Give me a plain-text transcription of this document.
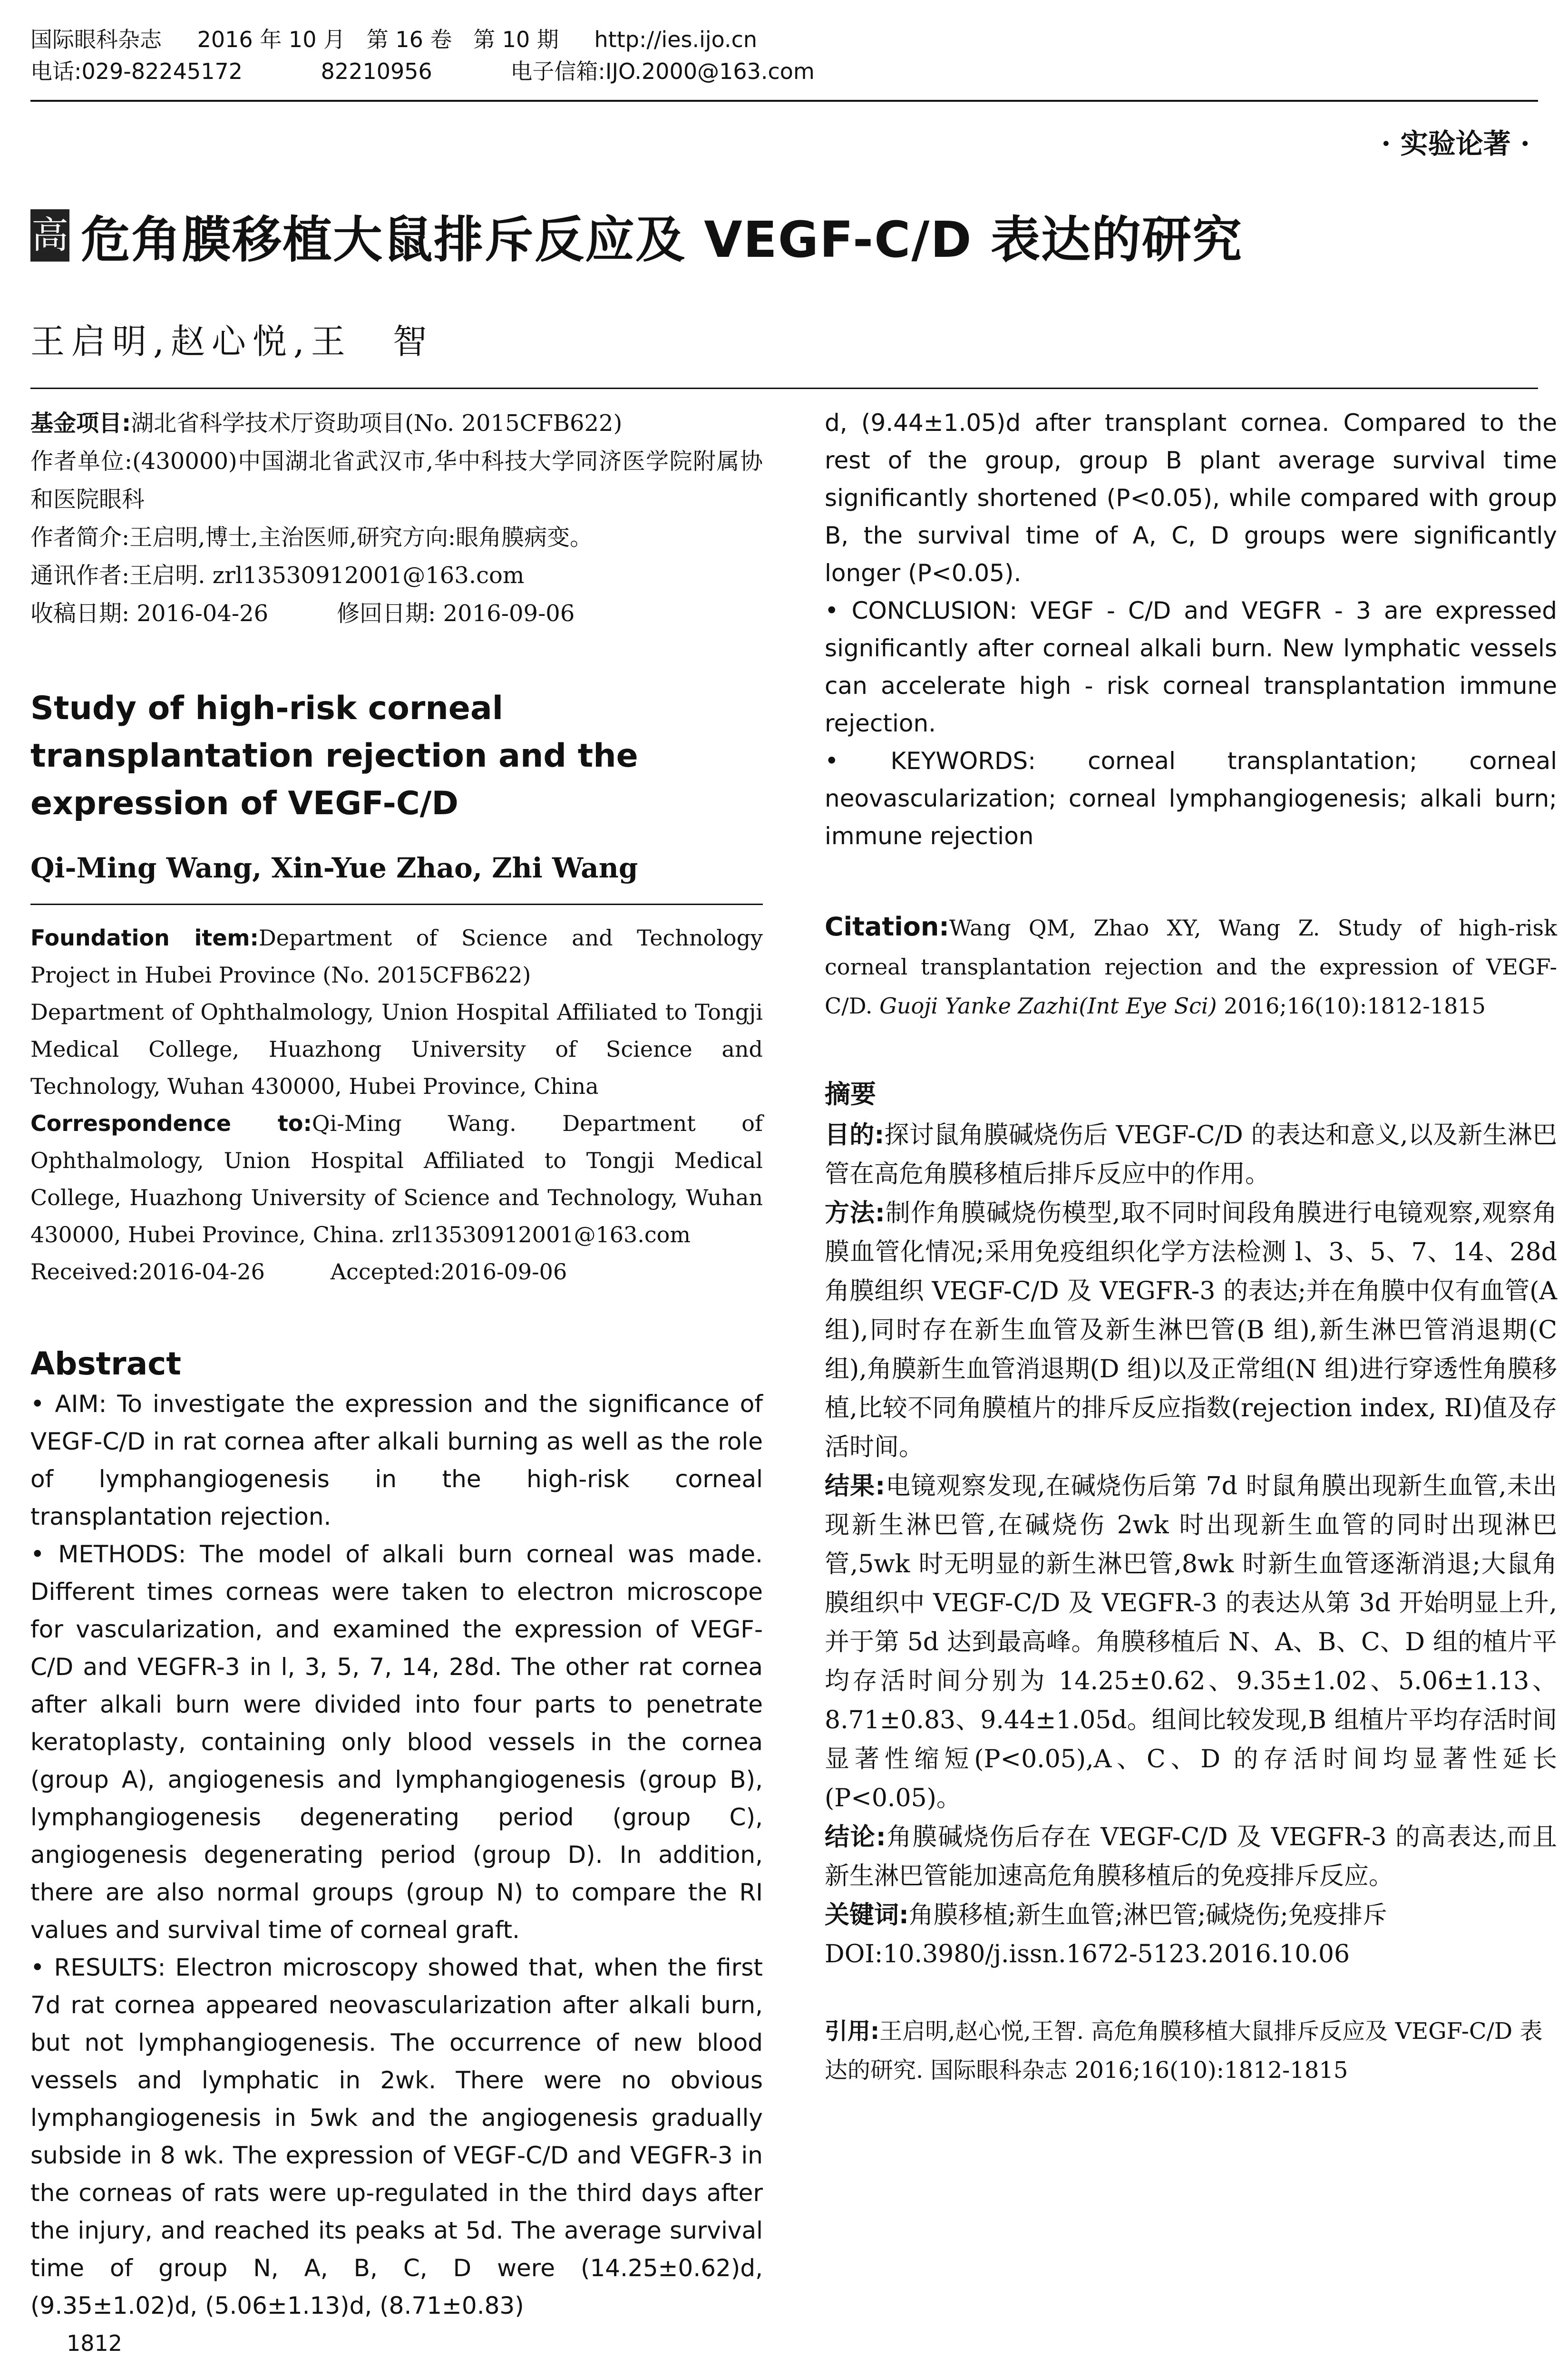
国际眼科杂志 2016 年 10 月 第 16 卷 第 10 期 http://ies.ijo.cn
电话:029-82245172	82210956	电子信箱:IJO.2000@163.com
· 实验论著 ·
高 危角膜移植大鼠排斥反应及 VEGF-C/D 表达的研究
王启明,赵心悦,王　智

基金项目:湖北省科学技术厅资助项目(No. 2015CFB622)

作者单位:(430000)中国湖北省武汉市,华中科技大学同济医学院附属协和医院眼科

作者简介:王启明,博士,主治医师,研究方向:眼角膜病变。

通讯作者:王启明. zrl13530912001@163.com

收稿日期: 2016-04-26　　　修回日期: 2016-09-06

Study of high-risk corneal transplantation rejection and the expression of VEGF-C/D
Qi-Ming Wang, Xin-Yue Zhao, Zhi Wang

Foundation item:Department of Science and Technology Project in Hubei Province (No. 2015CFB622)

Department of Ophthalmology, Union Hospital Affiliated to Tongji Medical College, Huazhong University of Science and Technology, Wuhan 430000, Hubei Province, China

Correspondence to:Qi-Ming Wang. Department of Ophthalmology, Union Hospital Affiliated to Tongji Medical College, Huazhong University of Science and Technology, Wuhan 430000, Hubei Province, China. zrl13530912001@163.com

Received:2016-04-26　　　Accepted:2016-09-06

Abstract

• AIM: To investigate the expression and the significance of VEGF-C/D in rat cornea after alkali burning as well as the role of lymphangiogenesis in the high-risk corneal transplantation rejection.

• METHODS: The model of alkali burn corneal was made. Different times corneas were taken to electron microscope for vascularization, and examined the expression of VEGF-C/D and VEGFR-3 in l, 3, 5, 7, 14, 28d. The other rat cornea after alkali burn were divided into four parts to penetrate keratoplasty, containing only blood vessels in the cornea (group A), angiogenesis and lymphangiogenesis (group B), lymphangiogenesis degenerating period (group C), angiogenesis degenerating period (group D). In addition, there are also normal groups (group N) to compare the RI values and survival time of corneal graft.

• RESULTS: Electron microscopy showed that, when the first 7d rat cornea appeared neovascularization after alkali burn, but not lymphangiogenesis. The occurrence of new blood vessels and lymphatic in 2wk. There were no obvious lymphangiogenesis in 5wk and the angiogenesis gradually subside in 8 wk. The expression of VEGF-C/D and VEGFR-3 in the corneas of rats were up-regulated in the third days after the injury, and reached its peaks at 5d. The average survival time of group N, A, B, C, D were (14.25±0.62)d, (9.35±1.02)d, (5.06±1.13)d, (8.71±0.83)

d, (9.44±1.05)d after transplant cornea. Compared to the rest of the group, group B plant average survival time significantly shortened (P<0.05), while compared with group B, the survival time of A, C, D groups were significantly longer (P<0.05).

• CONCLUSION: VEGF - C/D and VEGFR - 3 are expressed significantly after corneal alkali burn. New lymphatic vessels can accelerate high - risk corneal transplantation immune rejection.

• KEYWORDS: corneal transplantation; corneal neovascularization; corneal lymphangiogenesis; alkali burn; immune rejection

Citation:Wang QM, Zhao XY, Wang Z. Study of high-risk corneal transplantation rejection and the expression of VEGF-C/D. Guoji Yanke Zazhi(Int Eye Sci) 2016;16(10):1812-1815

摘要

目的:探讨鼠角膜碱烧伤后 VEGF-C/D 的表达和意义,以及新生淋巴管在高危角膜移植后排斥反应中的作用。

方法:制作角膜碱烧伤模型,取不同时间段角膜进行电镜观察,观察角膜血管化情况;采用免疫组织化学方法检测 l、3、5、7、14、28d 角膜组织 VEGF-C/D 及 VEGFR-3 的表达;并在角膜中仅有血管(A 组),同时存在新生血管及新生淋巴管(B 组),新生淋巴管消退期(C 组),角膜新生血管消退期(D 组)以及正常组(N 组)进行穿透性角膜移植,比较不同角膜植片的排斥反应指数(rejection index, RI)值及存活时间。

结果:电镜观察发现,在碱烧伤后第 7d 时鼠角膜出现新生血管,未出现新生淋巴管,在碱烧伤 2wk 时出现新生血管的同时出现淋巴管,5wk 时无明显的新生淋巴管,8wk 时新生血管逐渐消退;大鼠角膜组织中 VEGF-C/D 及 VEGFR-3 的表达从第 3d 开始明显上升,并于第 5d 达到最高峰。角膜移植后 N、A、B、C、D 组的植片平均存活时间分别为 14.25±0.62、9.35±1.02、5.06±1.13、8.71±0.83、9.44±1.05d。组间比较发现,B 组植片平均存活时间显著性缩短(P<0.05),A、C、D 的存活时间均显著性延长(P<0.05)。

结论:角膜碱烧伤后存在 VEGF-C/D 及 VEGFR-3 的高表达,而且新生淋巴管能加速高危角膜移植后的免疫排斥反应。

关键词:角膜移植;新生血管;淋巴管;碱烧伤;免疫排斥

DOI:10.3980/j.issn.1672-5123.2016.10.06

引用:王启明,赵心悦,王智. 高危角膜移植大鼠排斥反应及 VEGF-C/D 表达的研究. 国际眼科杂志 2016;16(10):1812-1815

1812
